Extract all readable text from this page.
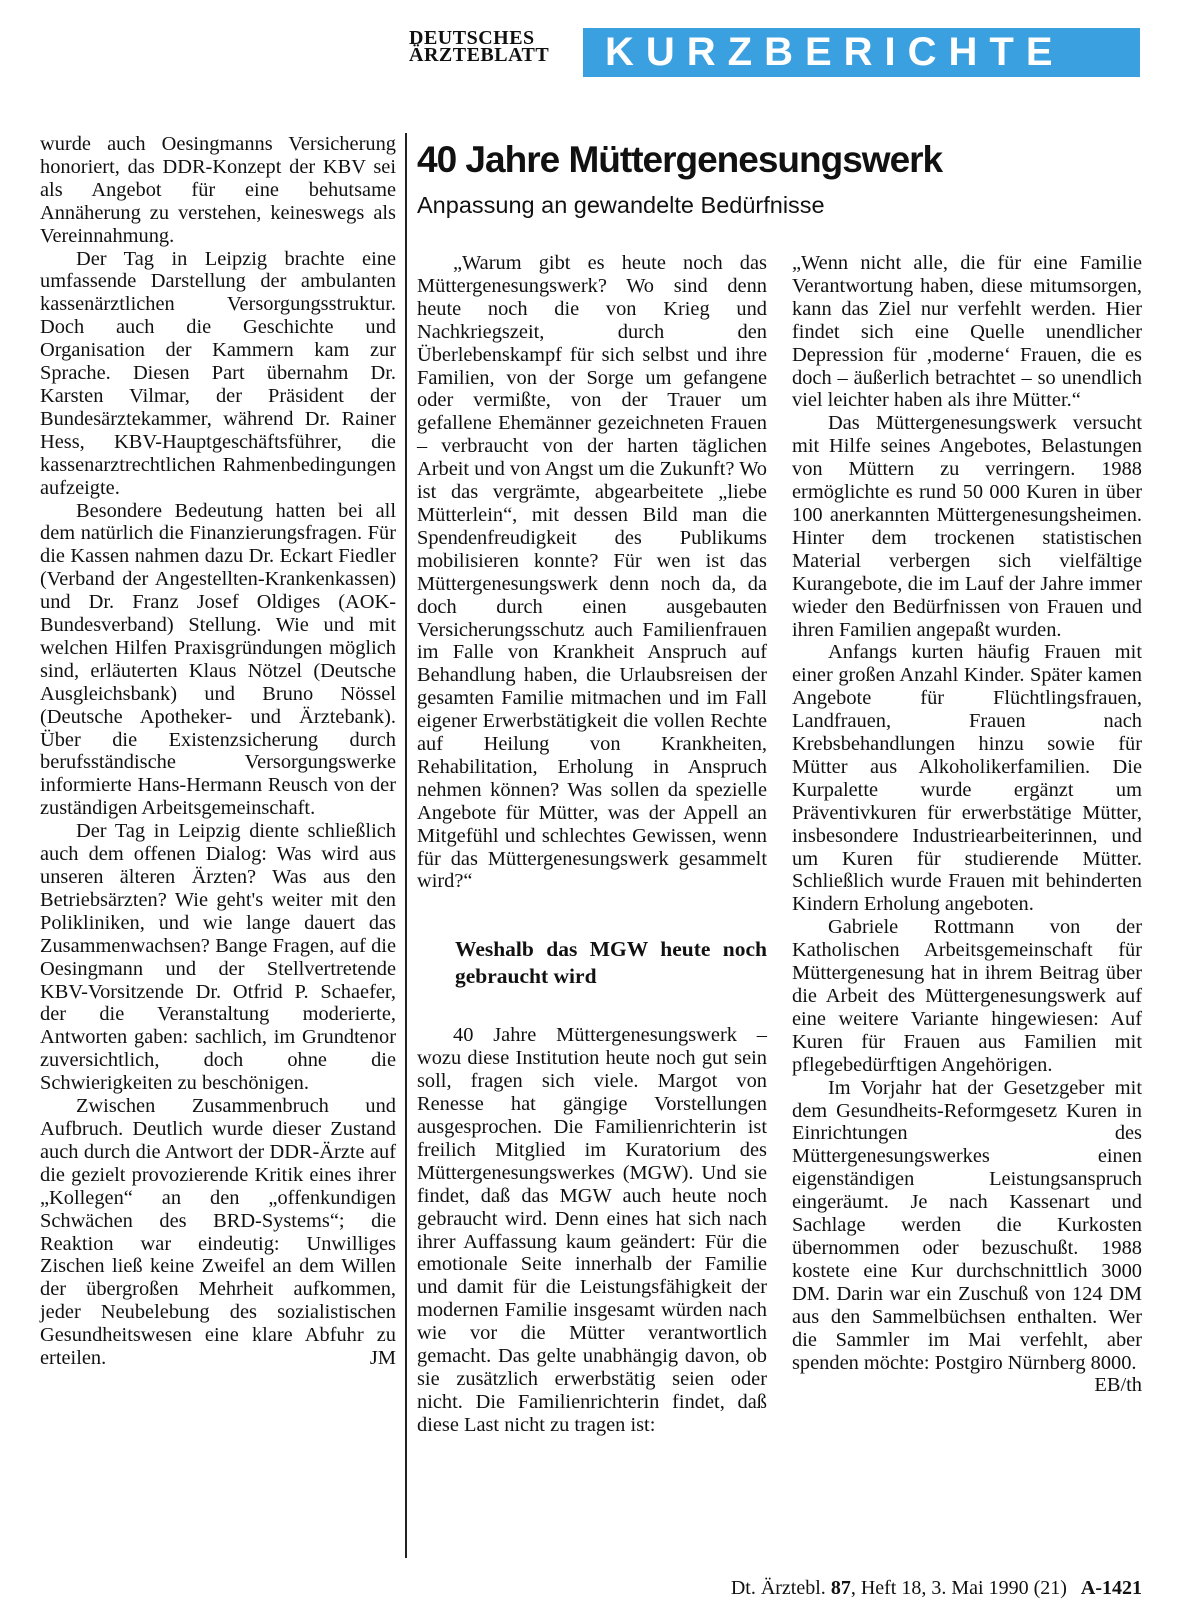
DEUTSCHES
ÄRZTEBLATT	KURZBERICHTE

wurde auch Oesingmanns Versicherung honoriert, das DDR-Konzept der KBV sei als Angebot für eine behutsame Annäherung zu verstehen, keineswegs als Vereinnahmung.

Der Tag in Leipzig brachte eine umfassende Darstellung der ambulanten kassenärztlichen Versorgungsstruktur. Doch auch die Geschichte und Organisation der Kammern kam zur Sprache. Diesen Part übernahm Dr. Karsten Vilmar, der Präsident der Bundesärztekammer, während Dr. Rainer Hess, KBV-Hauptgeschäftsführer, die kassenarztrechtlichen Rahmenbedingungen aufzeigte.

Besondere Bedeutung hatten bei all dem natürlich die Finanzierungsfragen. Für die Kassen nahmen dazu Dr. Eckart Fiedler (Verband der Angestellten-Krankenkassen) und Dr. Franz Josef Oldiges (AOK-Bundesverband) Stellung. Wie und mit welchen Hilfen Praxisgründungen möglich sind, erläuterten Klaus Nötzel (Deutsche Ausgleichsbank) und Bruno Nössel (Deutsche Apotheker- und Ärztebank). Über die Existenzsicherung durch berufsständische Versorgungswerke informierte Hans-Hermann Reusch von der zuständigen Arbeitsgemeinschaft.

Der Tag in Leipzig diente schließlich auch dem offenen Dialog: Was wird aus unseren älteren Ärzten? Was aus den Betriebsärzten? Wie geht's weiter mit den Polikliniken, und wie lange dauert das Zusammenwachsen? Bange Fragen, auf die Oesingmann und der Stellvertretende KBV-Vorsitzende Dr. Otfrid P. Schaefer, der die Veranstaltung moderierte, Antworten gaben: sachlich, im Grundtenor zuversichtlich, doch ohne die Schwierigkeiten zu beschönigen.

Zwischen Zusammenbruch und Aufbruch. Deutlich wurde dieser Zustand auch durch die Antwort der DDR-Ärzte auf die gezielt provozierende Kritik eines ihrer „Kollegen“ an den „offenkundigen Schwächen des BRD-Systems“; die Reaktion war eindeutig: Unwilliges Zischen ließ keine Zweifel an dem Willen der übergroßen Mehrheit aufkommen, jeder Neubelebung des sozialistischen Gesundheitswesen eine klare Abfuhr zu erteilen.	JM

40 Jahre Müttergenesungswerk
Anpassung an gewandelte Bedürfnisse

„Warum gibt es heute noch das Müttergenesungswerk? Wo sind denn heute noch die von Krieg und Nachkriegszeit, durch den Überlebenskampf für sich selbst und ihre Familien, von der Sorge um gefangene oder vermißte, von der Trauer um gefallene Ehemänner gezeichneten Frauen – verbraucht von der harten täglichen Arbeit und von Angst um die Zukunft? Wo ist das vergrämte, abgearbeitete „liebe Mütterlein“, mit dessen Bild man die Spendenfreudigkeit des Publikums mobilisieren konnte? Für wen ist das Müttergenesungswerk denn noch da, da doch durch einen ausgebauten Versicherungsschutz auch Familienfrauen im Falle von Krankheit Anspruch auf Behandlung haben, die Urlaubsreisen der gesamten Familie mitmachen und im Fall eigener Erwerbstätigkeit die vollen Rechte auf Heilung von Krankheiten, Rehabilitation, Erholung in Anspruch nehmen können? Was sollen da spezielle Angebote für Mütter, was der Appell an Mitgefühl und schlechtes Gewissen, wenn für das Müttergenesungswerk gesammelt wird?“

Weshalb das MGW heute noch gebraucht wird

40 Jahre Müttergenesungswerk – wozu diese Institution heute noch gut sein soll, fragen sich viele. Margot von Renesse hat gängige Vorstellungen ausgesprochen. Die Familienrichterin ist freilich Mitglied im Kuratorium des Müttergenesungswerkes (MGW). Und sie findet, daß das MGW auch heute noch gebraucht wird. Denn eines hat sich nach ihrer Auffassung kaum geändert: Für die emotionale Seite innerhalb der Familie und damit für die Leistungsfähigkeit der modernen Familie insgesamt würden nach wie vor die Mütter verantwortlich gemacht. Das gelte unabhängig davon, ob sie zusätzlich erwerbstätig seien oder nicht. Die Familienrichterin findet, daß diese Last nicht zu tragen ist:

„Wenn nicht alle, die für eine Familie Verantwortung haben, diese mitumsorgen, kann das Ziel nur verfehlt werden. Hier findet sich eine Quelle unendlicher Depression für ‚moderne‘ Frauen, die es doch – äußerlich betrachtet – so unendlich viel leichter haben als ihre Mütter.“

Das Müttergenesungswerk versucht mit Hilfe seines Angebotes, Belastungen von Müttern zu verringern. 1988 ermöglichte es rund 50 000 Kuren in über 100 anerkannten Müttergenesungsheimen. Hinter dem trockenen statistischen Material verbergen sich vielfältige Kurangebote, die im Lauf der Jahre immer wieder den Bedürfnissen von Frauen und ihren Familien angepaßt wurden.

Anfangs kurten häufig Frauen mit einer großen Anzahl Kinder. Später kamen Angebote für Flüchtlingsfrauen, Landfrauen, Frauen nach Krebsbehandlungen hinzu sowie für Mütter aus Alkoholikerfamilien. Die Kurpalette wurde ergänzt um Präventivkuren für erwerbstätige Mütter, insbesondere Industriearbeiterinnen, und um Kuren für studierende Mütter. Schließlich wurde Frauen mit behinderten Kindern Erholung angeboten.

Gabriele Rottmann von der Katholischen Arbeitsgemeinschaft für Müttergenesung hat in ihrem Beitrag über die Arbeit des Müttergenesungswerk auf eine weitere Variante hingewiesen: Auf Kuren für Frauen aus Familien mit pflegebedürftigen Angehörigen.

Im Vorjahr hat der Gesetzgeber mit dem Gesundheits-Reformgesetz Kuren in Einrichtungen des Müttergenesungswerkes einen eigenständigen Leistungsanspruch eingeräumt. Je nach Kassenart und Sachlage werden die Kurkosten übernommen oder bezuschußt. 1988 kostete eine Kur durchschnittlich 3000 DM. Darin war ein Zuschuß von 124 DM aus den Sammelbüchsen enthalten. Wer die Sammler im Mai verfehlt, aber spenden möchte: Postgiro Nürnberg 8000.
EB/th

Dt. Ärztebl. 87, Heft 18, 3. Mai 1990 (21) A-1421
